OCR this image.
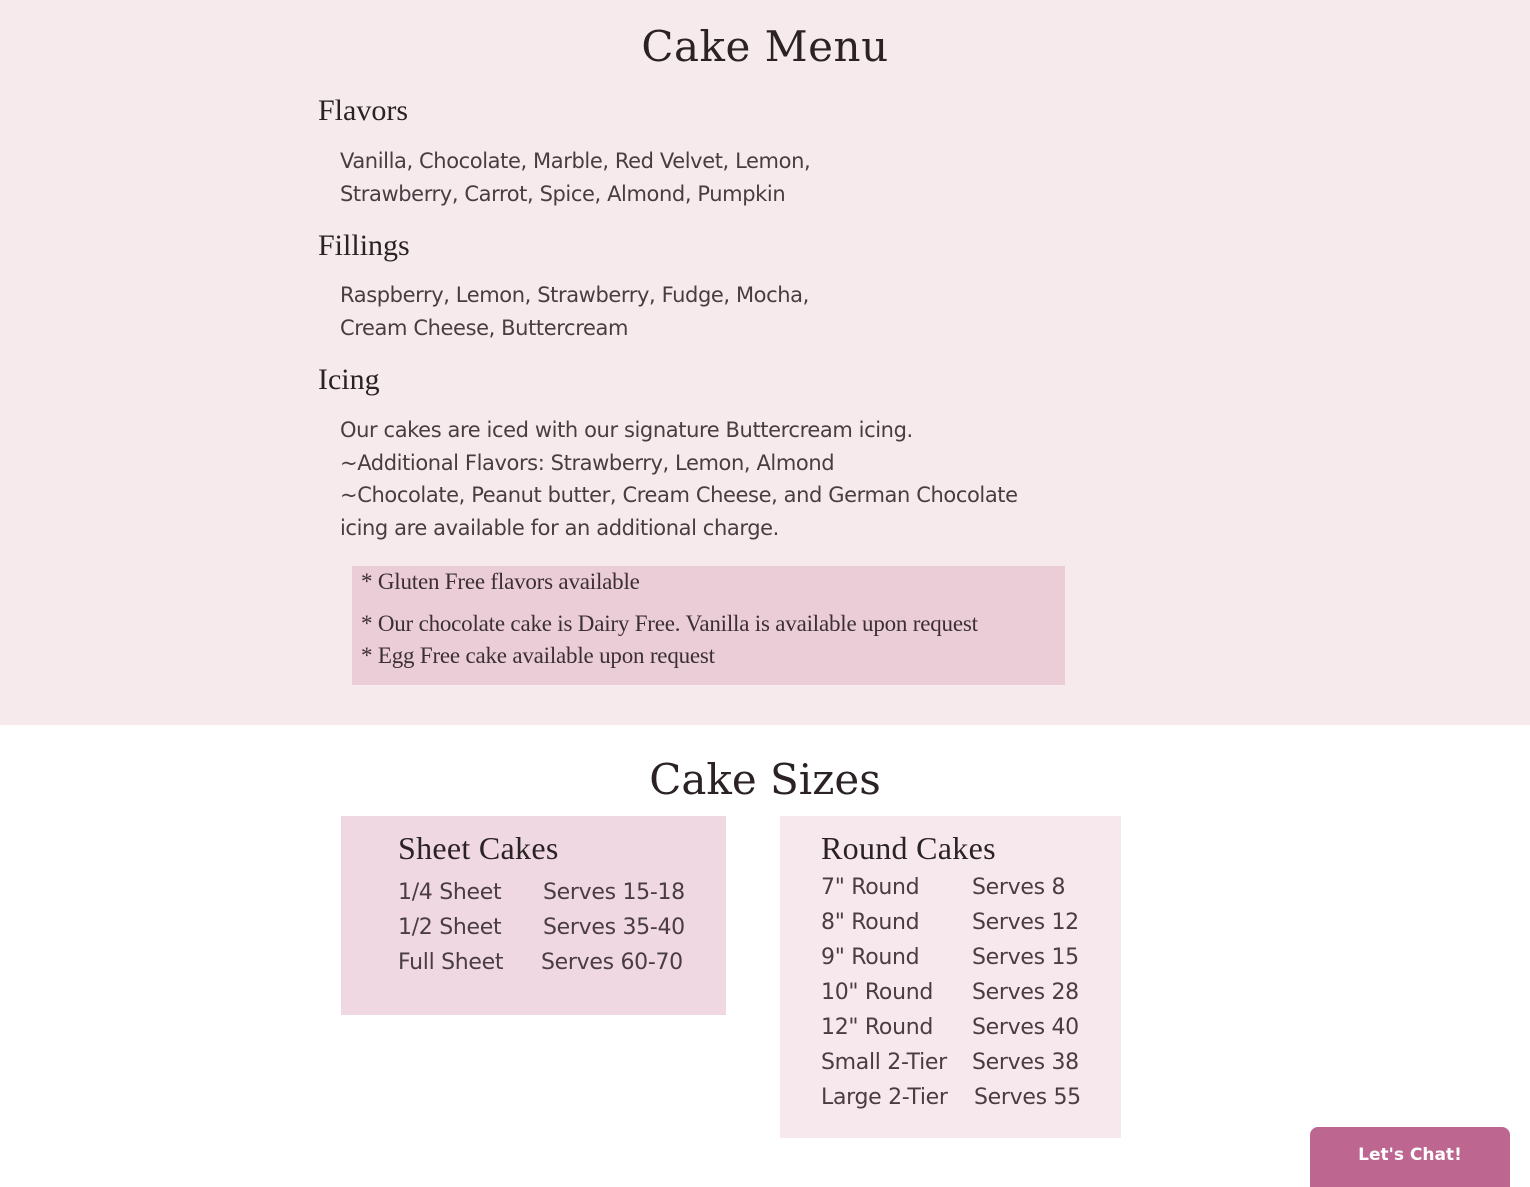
Cake Menu
Flavors
Vanilla, Chocolate, Marble, Red Velvet, Lemon,
Strawberry, Carrot, Spice, Almond, Pumpkin
Fillings
Raspberry, Lemon, Strawberry, Fudge, Mocha,
Cream Cheese, Buttercream
Icing
Our cakes are iced with our signature Buttercream icing.
~Additional Flavors: Strawberry, Lemon, Almond
~Chocolate, Peanut butter, Cream Cheese, and German Chocolate
icing are available for an additional charge.
* Gluten Free flavors available
* Our chocolate cake is Dairy Free. Vanilla is available upon request
* Egg Free cake available upon request
Cake Sizes
Sheet Cakes
1/4 Sheet Serves 15-18
1/2 Sheet Serves 35-40
Full Sheet Serves 60-70
Round Cakes
7" Round Serves 8
8" Round Serves 12
9" Round Serves 15
10" Round Serves 28
12" Round Serves 40
Small 2-Tier Serves 38
Large 2-Tier Serves 55
Let's Chat!
